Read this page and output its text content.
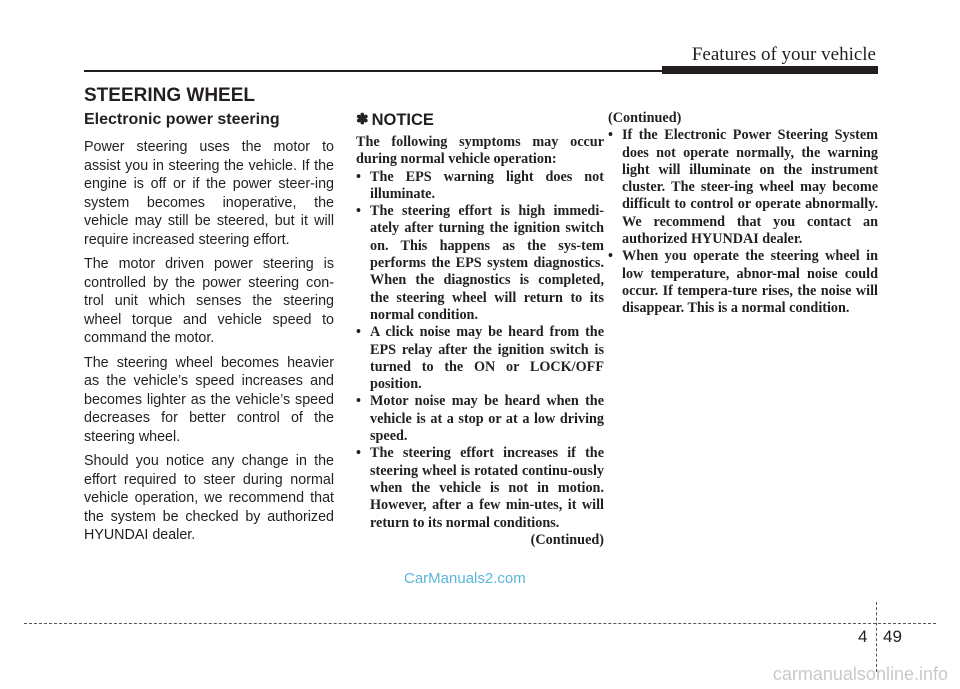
Features of your vehicle
STEERING WHEEL
Electronic power steering

Power steering uses the motor to assist you in steering the vehicle. If the engine is off or if the power steer-ing system becomes inoperative, the vehicle may still be steered, but it will require increased steering effort.

The motor driven power steering is controlled by the power steering con-trol unit which senses the steering wheel torque and vehicle speed to command the motor.

The steering wheel becomes heavier as the vehicle’s speed increases and becomes lighter as the vehicle’s speed decreases for better control of the steering wheel.

Should you notice any change in the effort required to steer during normal vehicle operation, we recommend that the system be checked by authorized HYUNDAI dealer.

✽ NOTICE

The following symptoms may occur during normal vehicle operation:

• The EPS warning light does not illuminate.
• The steering effort is high immedi-ately after turning the ignition switch on. This happens as the sys-tem performs the EPS system diagnostics. When the diagnostics is completed, the steering wheel will return to its normal condition.
• A click noise may be heard from the EPS relay after the ignition switch is turned to the ON or LOCK/OFF position.
• Motor noise may be heard when the vehicle is at a stop or at a low driving speed.
• The steering effort increases if the steering wheel is rotated continu-ously when the vehicle is not in motion. However, after a few min-utes, it will return to its normal conditions.

(Continued)

(Continued)

• If the Electronic Power Steering System does not operate normally, the warning light will illuminate on the instrument cluster. The steer-ing wheel may become difficult to control or operate abnormally. We recommend that you contact an authorized HYUNDAI dealer.
• When you operate the steering wheel in low temperature, abnor-mal noise could occur. If tempera-ture rises, the noise will disappear. This is a normal condition.
CarManuals2.com
4 49
carmanualsonline.info
